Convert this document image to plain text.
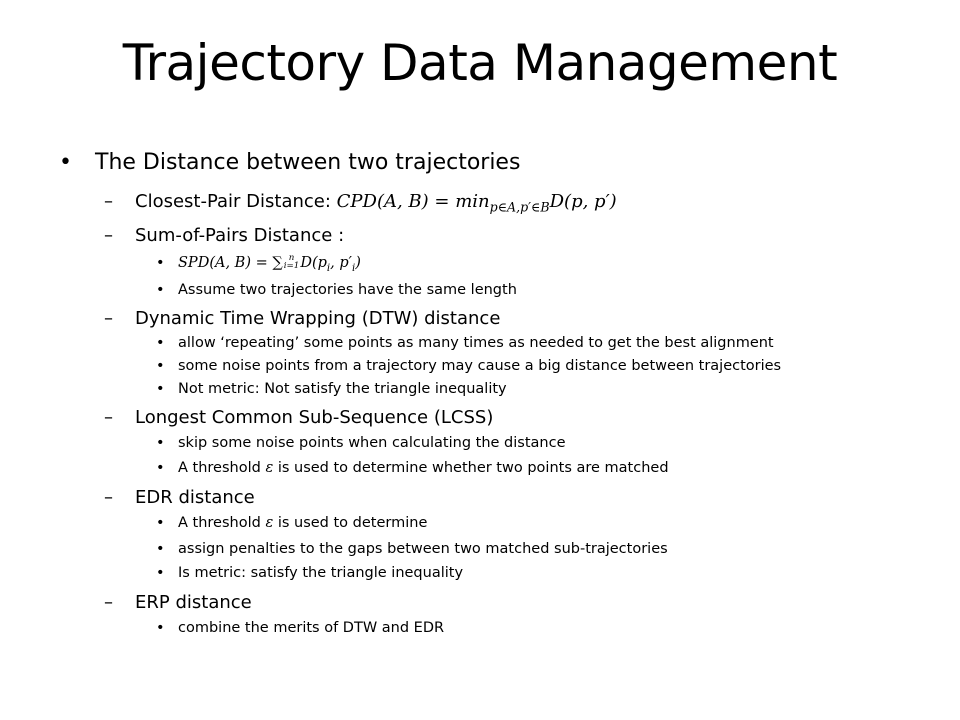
Trajectory Data Management
• The Distance between two trajectories
– Closest-Pair Distance: CPD(A, $B) = \min_{p\in A,p'\in B}D(p$, p′)
– Sum-of-Pairs Distance :
• SPD(A, B) = ∑ n
i=1 $D(p_i$, $p'_i$)
• Assume two trajectories have the same length
– Dynamic Time Wrapping (DTW) distance
• allow ‘repeating’ some points as many times as needed to get the best alignment
• some noise points from a trajectory may cause a big distance between trajectories
• Not metric: Not satisfy the triangle inequality
– Longest Common Sub-Sequence (LCSS)
• skip some noise points when calculating the distance
• A threshold ε is used to determine whether two points are matched
– EDR distance
• A threshold ε is used to determine
• assign penalties to the gaps between two matched sub-trajectories
• Is metric: satisfy the triangle inequality
– ERP distance
• combine the merits of DTW and EDR
